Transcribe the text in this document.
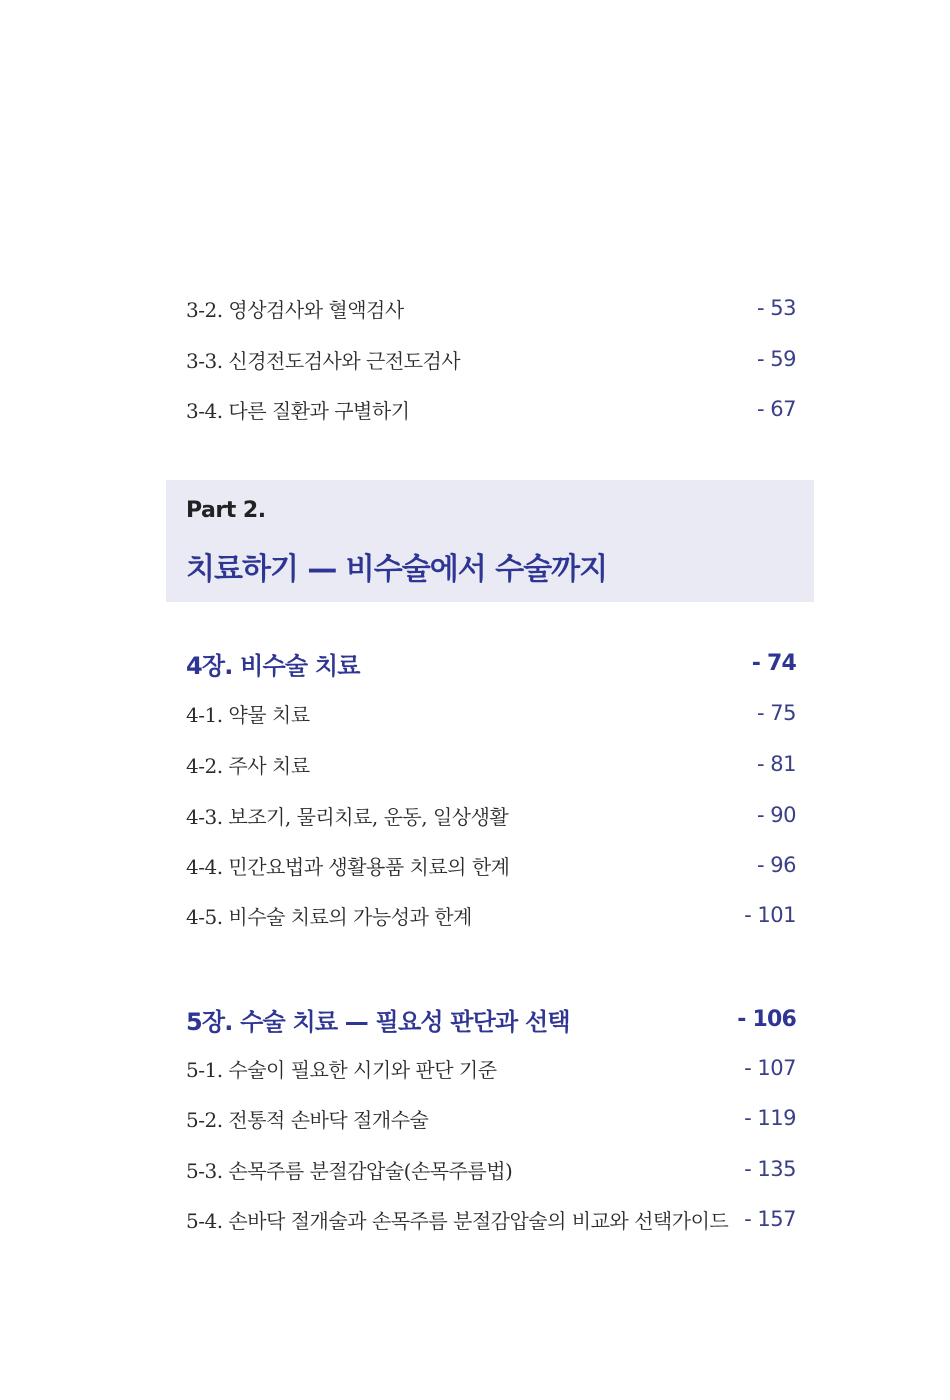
3-2. 영상검사와 혈액검사	- 53
3-3. 신경전도검사와 근전도검사	- 59
3-4. 다른 질환과 구별하기	- 67
Part 2.
치료하기 — 비수술에서 수술까지
4장. 비수술 치료	- 74
4-1. 약물 치료	- 75
4-2. 주사 치료	- 81
4-3. 보조기, 물리치료, 운동, 일상생활	- 90
4-4. 민간요법과 생활용품 치료의 한계	- 96
4-5. 비수술 치료의 가능성과 한계	- 101
5장. 수술 치료 — 필요성 판단과 선택	- 106
5-1. 수술이 필요한 시기와 판단 기준	- 107
5-2. 전통적 손바닥 절개수술	- 119
5-3. 손목주름 분절감압술(손목주름법)	- 135
5-4. 손바닥 절개술과 손목주름 분절감압술의 비교와 선택가이드 - 157
